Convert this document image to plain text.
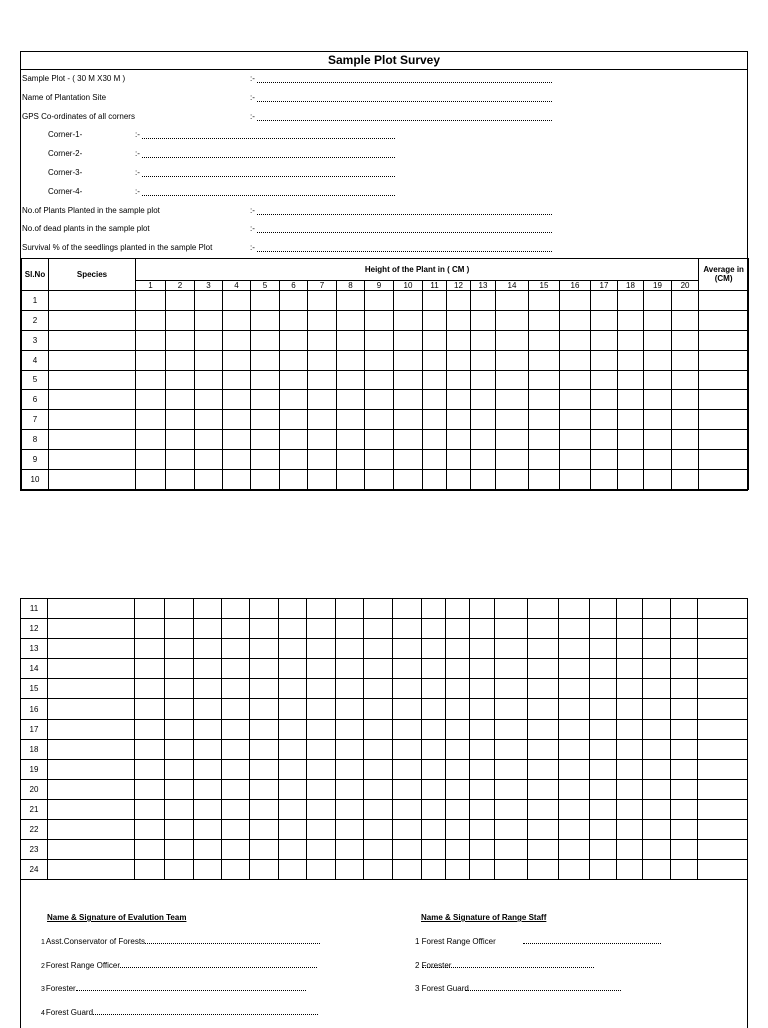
Sample Plot Survey
Sample Plot - ( 30 M X30 M )	:-
Name of Plantation Site	:-
GPS Co-ordinates of all corners	:-
Corner-1-	:-
Corner-2-	:-
Corner-3-	:-
Corner-4-	:-
No.of Plants Planted in the sample plot	:-
No.of dead plants in the sample plot	:-
Survival % of the seedlings planted in the sample Plot	:-
Sl.No	Species	Height of the Plant in ( CM )																				Average in (CM)
		1	2	3	4	5	6	7	8	9	10	11	12	13	14	15	16	17	18	19	20	
1																						
2																						
3																						
4																						
5																						
6																						
7																						
8																						
9																						
10																						
11																						
12																						
13																						
14																						
15																						
16																						
17																						
18																						
19																						
20																						
21																						
22																						
23																						
24																						
Name & Signature of Evalution Team	Name & Signature of Range Staff
1Asst.Conservator of Forests
2Forest Range Officer
3Forester
4Forest Guard
1 Forest Range Officer
2 Forester
3 Forest Guard
